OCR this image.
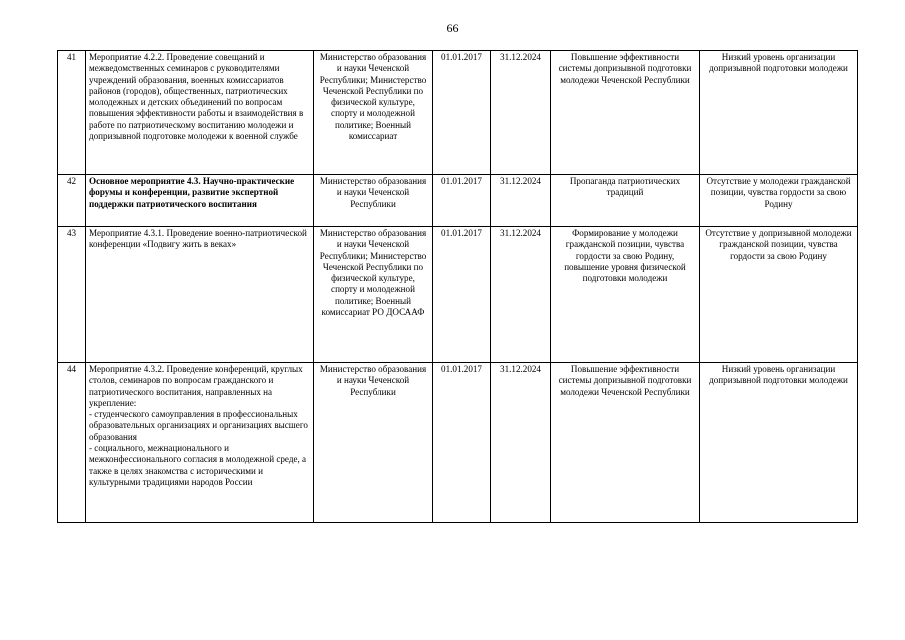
66
41	Мероприятие 4.2.2. Проведение совещаний и межведомственных семинаров с руководителями учреждений образования, военных комиссариатов районов (городов), общественных, патриотических молодежных и детских объединений по вопросам повышения эффективности работы и взаимодействия в работе по патриотическому воспитанию молодежи и допризывной подготовке молодежи к военной службе	Министерство образования и науки Чеченской Республики; Министерство Чеченской Республики по физической культуре, спорту и молодежной политике; Военный комиссариат	01.01.2017	31.12.2024	Повышение эффективности системы допризывной подготовки молодежи Чеченской Республики	Низкий уровень организации допризывной подготовки молодежи
42	Основное мероприятие 4.3. Научно-практические форумы и конференции, развитие экспертной поддержки патриотического воспитания	Министерство образования и науки Чеченской Республики	01.01.2017	31.12.2024	Пропаганда патриотических традиций	Отсутствие у молодежи гражданской позиции, чувства гордости за свою Родину
43	Мероприятие 4.3.1. Проведение военно-патриотической конференции «Подвигу жить в веках»	Министерство образования и науки Чеченской Республики; Министерство Чеченской Республики по физической культуре, спорту и молодежной политике; Военный комиссариат РО ДОСААФ	01.01.2017	31.12.2024	Формирование у молодежи гражданской позиции, чувства гордости за свою Родину, повышение уровня физической подготовки молодежи	Отсутствие у допризывной молодежи гражданской позиции, чувства гордости за свою Родину
44	Мероприятие 4.3.2. Проведение конференций, круглых столов, семинаров по вопросам гражданского и патриотического воспитания, направленных на укрепление:
- студенческого самоуправления в профессиональных образовательных организациях и организациях высшего образования
- социального, межнационального и межконфессионального согласия в молодежной среде, а также в целях знакомства с историческими и культурными традициями народов России	Министерство образования и науки Чеченской Республики	01.01.2017	31.12.2024	Повышение эффективности системы допризывной подготовки молодежи Чеченской Республики	Низкий уровень организации допризывной подготовки молодежи
